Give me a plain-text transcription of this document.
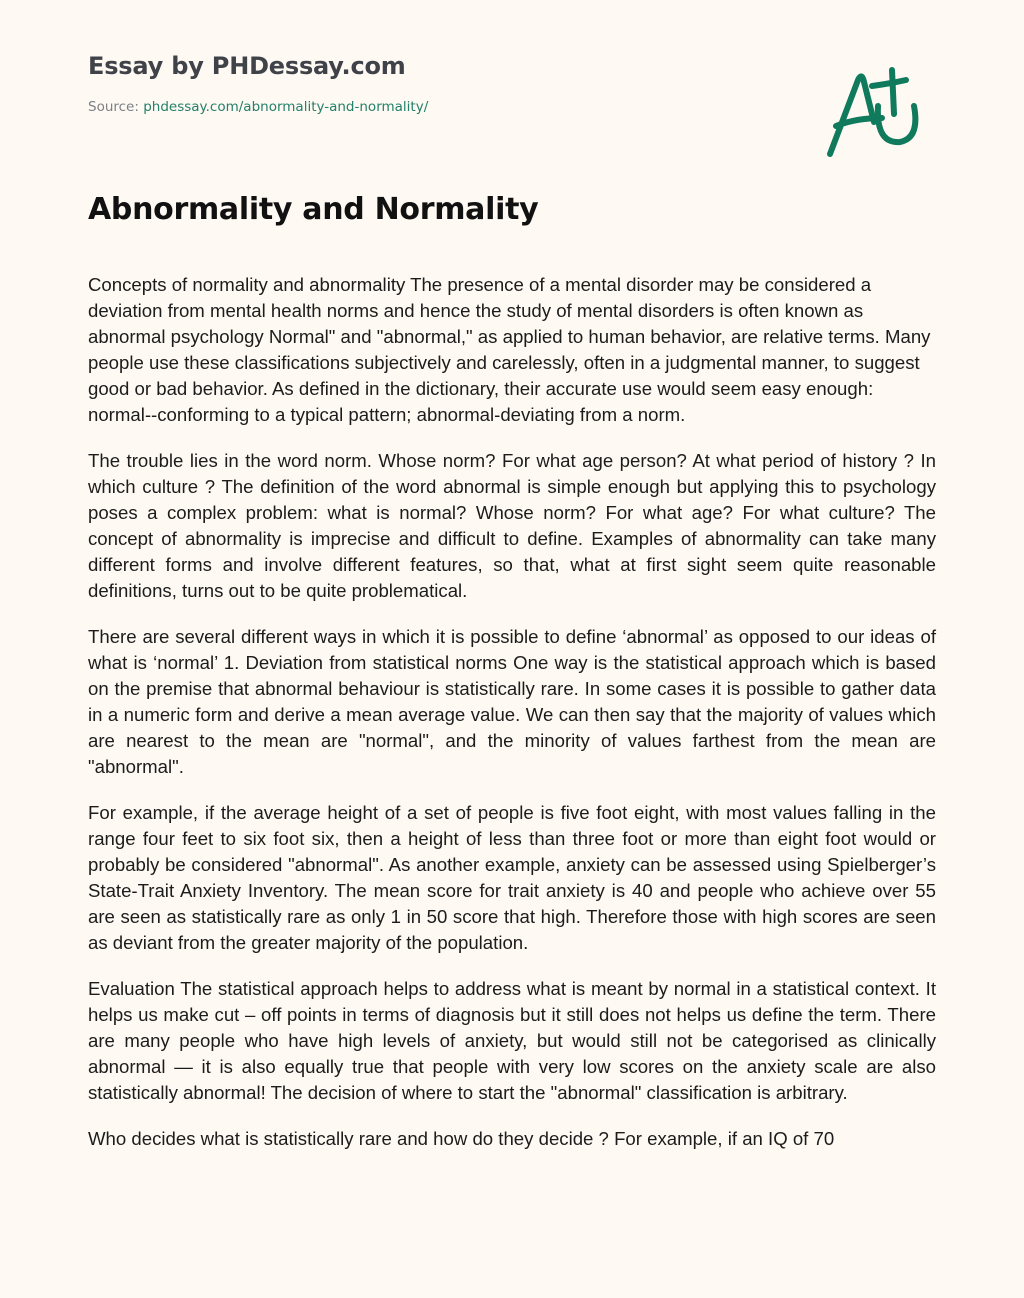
Essay by PHDessay.com
Source: phdessay.com/abnormality-and-normality/
Abnormality and Normality

Concepts of normality and abnormality The presence of a mental disorder may be considered a deviation from mental health norms and hence the study of mental disorders is often known as abnormal psychology Normal" and "abnormal," as applied to human behavior, are relative terms. Many people use these classifications subjectively and carelessly, often in a judgmental manner, to suggest good or bad behavior. As defined in the dictionary, their accurate use would seem easy enough: normal--conforming to a typical pattern; abnormal-deviating from a norm.

The trouble lies in the word norm. Whose norm? For what age person? At what period of history ? In which culture ? The definition of the word abnormal is simple enough but applying this to psychology poses a complex problem: what is normal? Whose norm? For what age? For what culture? The concept of abnormality is imprecise and difficult to define. Examples of abnormality can take many different forms and involve different features, so that, what at first sight seem quite reasonable definitions, turns out to be quite problematical.

There are several different ways in which it is possible to define ‘abnormal’ as opposed to our ideas of what is ‘normal’ 1. Deviation from statistical norms One way is the statistical approach which is based on the premise that abnormal behaviour is statistically rare. In some cases it is possible to gather data in a numeric form and derive a mean average value. We can then say that the majority of values which are nearest to the mean are "normal", and the minority of values farthest from the mean are "abnormal".

For example, if the average height of a set of people is five foot eight, with most values falling in the range four feet to six foot six, then a height of less than three foot or more than eight foot would or probably be considered "abnormal". As another example, anxiety can be assessed using Spielberger’s State-Trait Anxiety Inventory. The mean score for trait anxiety is 40 and people who achieve over 55 are seen as statistically rare as only 1 in 50 score that high. Therefore those with high scores are seen as deviant from the greater majority of the population.

Evaluation The statistical approach helps to address what is meant by normal in a statistical context. It helps us make cut – off points in terms of diagnosis but it still does not helps us define the term. There are many people who have high levels of anxiety, but would still not be categorised as clinically abnormal — it is also equally true that people with very low scores on the anxiety scale are also statistically abnormal! The decision of where to start the "abnormal" classification is arbitrary.

Who decides what is statistically rare and how do they decide ? For example, if an IQ of 70
